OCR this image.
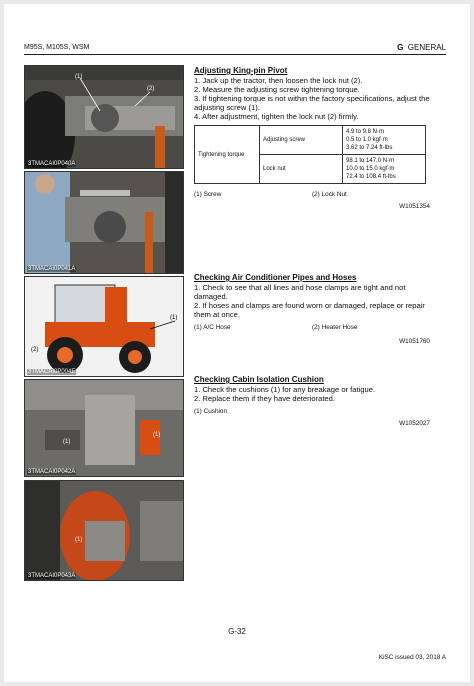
M95S, M105S, WSM	G GENERAL
(1)
(2)
3TMACAI0P040A
3TMACAI0P041A
(1)
(2)
3TMACAI0P004E
(1)
(1)
3TMACAI0P042A
(1)
3TMACAI0P043A
Adjusting King-pin Pivot
1. Jack up the tractor, then loosen the lock nut (2).
2. Measure the adjusting screw tightening torque.
3. If tightening torque is not within the factory specifications, adjust the adjusting screw (1).
4. After adjustment, tighten the lock nut (2) firmly.
Tightening torque	Adjusting screw	4.9 to 9.8 N·m
0.5 to 1.0 kgf·m
3.62 to 7.24 ft-lbs

	Lock nut	98.1 to 147.0 N·m
10.0 to 15.0 kgf·m
72.4 to 108.4 ft-lbs
(1) Screw	(2) Lock Nut
W1051354
Checking Air Conditioner Pipes and Hoses
1. Check to see that all lines and hose clamps are tight and not damaged.
2. If hoses and clamps are found worn or damaged, replace or repair them at once.
(1) A/C Hose	(2) Heater Hose
W1051760
Checking Cabin Isolation Cushion
1. Check the cushions (1) for any breakage or fatigue.
2. Replace them if they have deteriorated.
(1) Cushion
W1052027
G-32
KiSC issued 03, 2018 A
